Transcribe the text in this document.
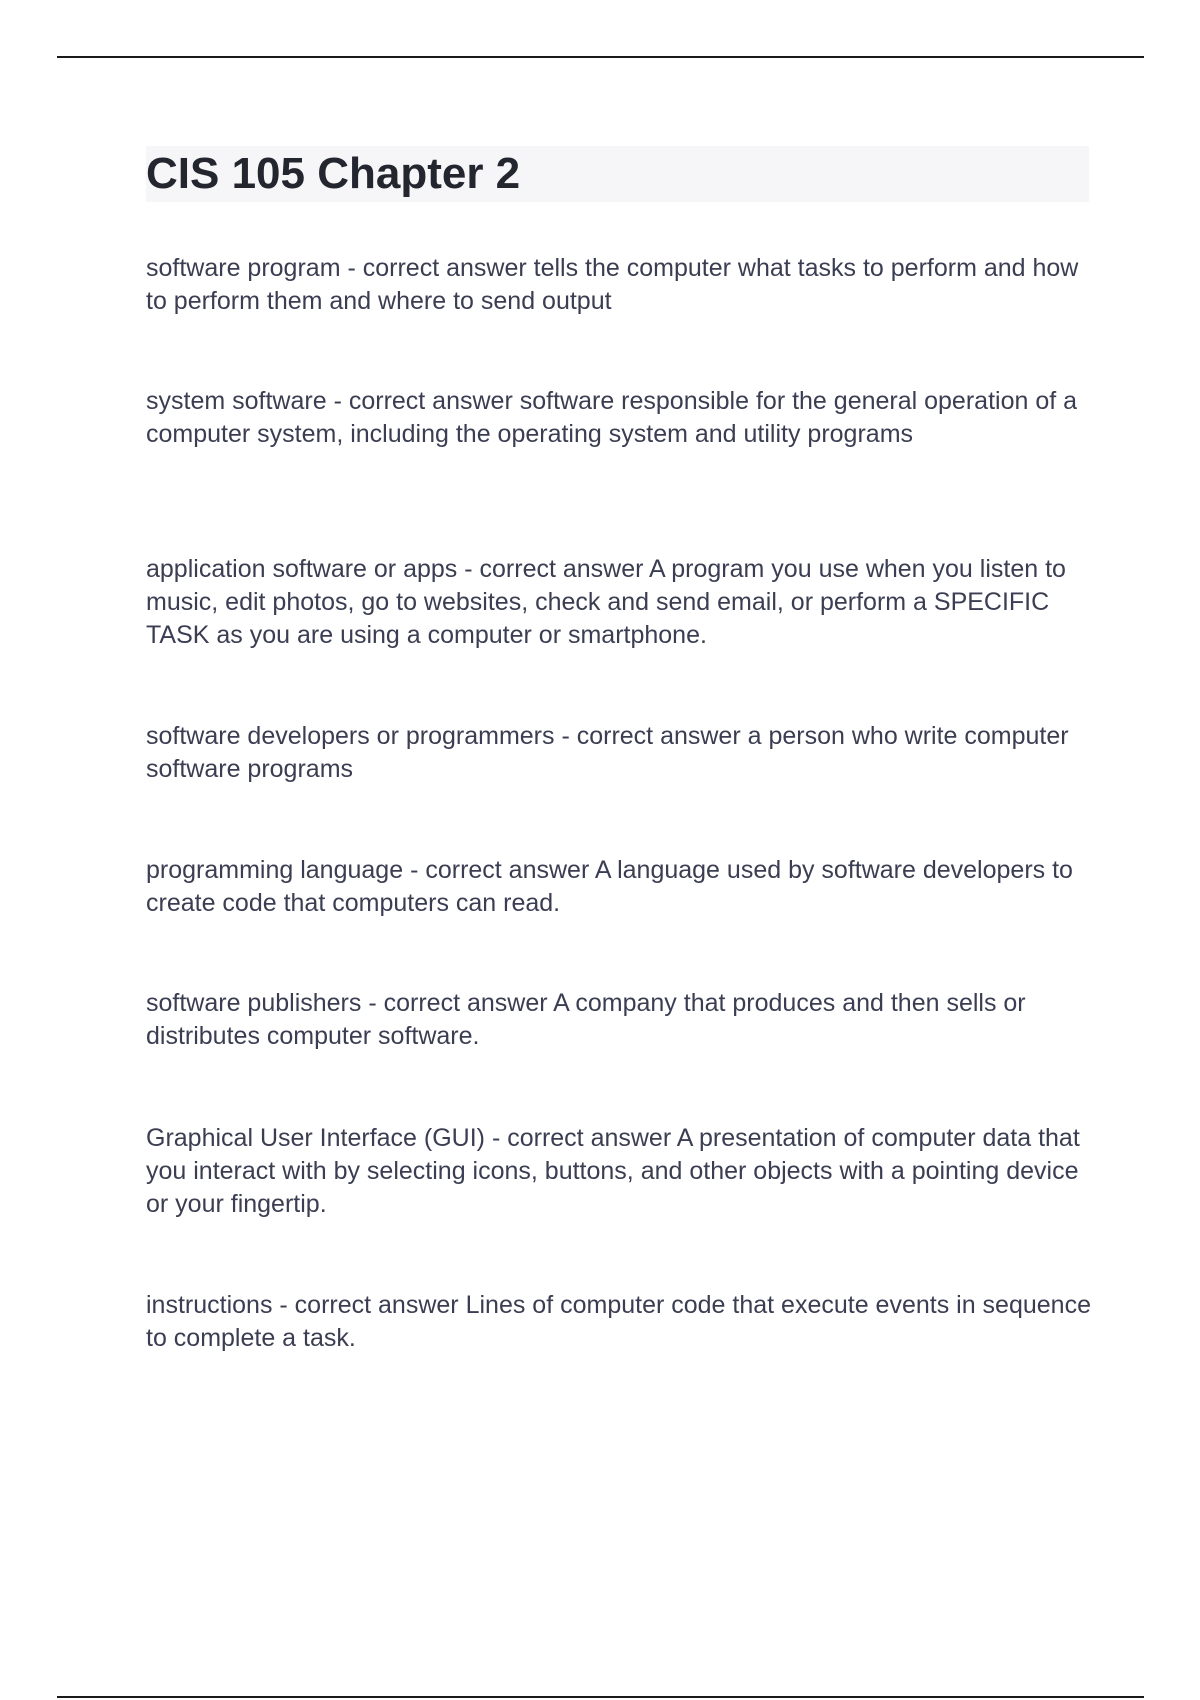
CIS 105 Chapter 2

software program - correct answer tells the computer what tasks to perform and how to perform them and where to send output

system software - correct answer software responsible for the general operation of a computer system, including the operating system and utility programs

application software or apps - correct answer A program you use when you listen to music, edit photos, go to websites, check and send email, or perform a SPECIFIC TASK as you are using a computer or smartphone.

software developers or programmers - correct answer a person who write computer software programs

programming language - correct answer A language used by software developers to create code that computers can read.

software publishers - correct answer A company that produces and then sells or distributes computer software.

Graphical User Interface (GUI) - correct answer A presentation of computer data that you interact with by selecting icons, buttons, and other objects with a pointing device or your fingertip.

instructions - correct answer Lines of computer code that execute events in sequence to complete a task.
